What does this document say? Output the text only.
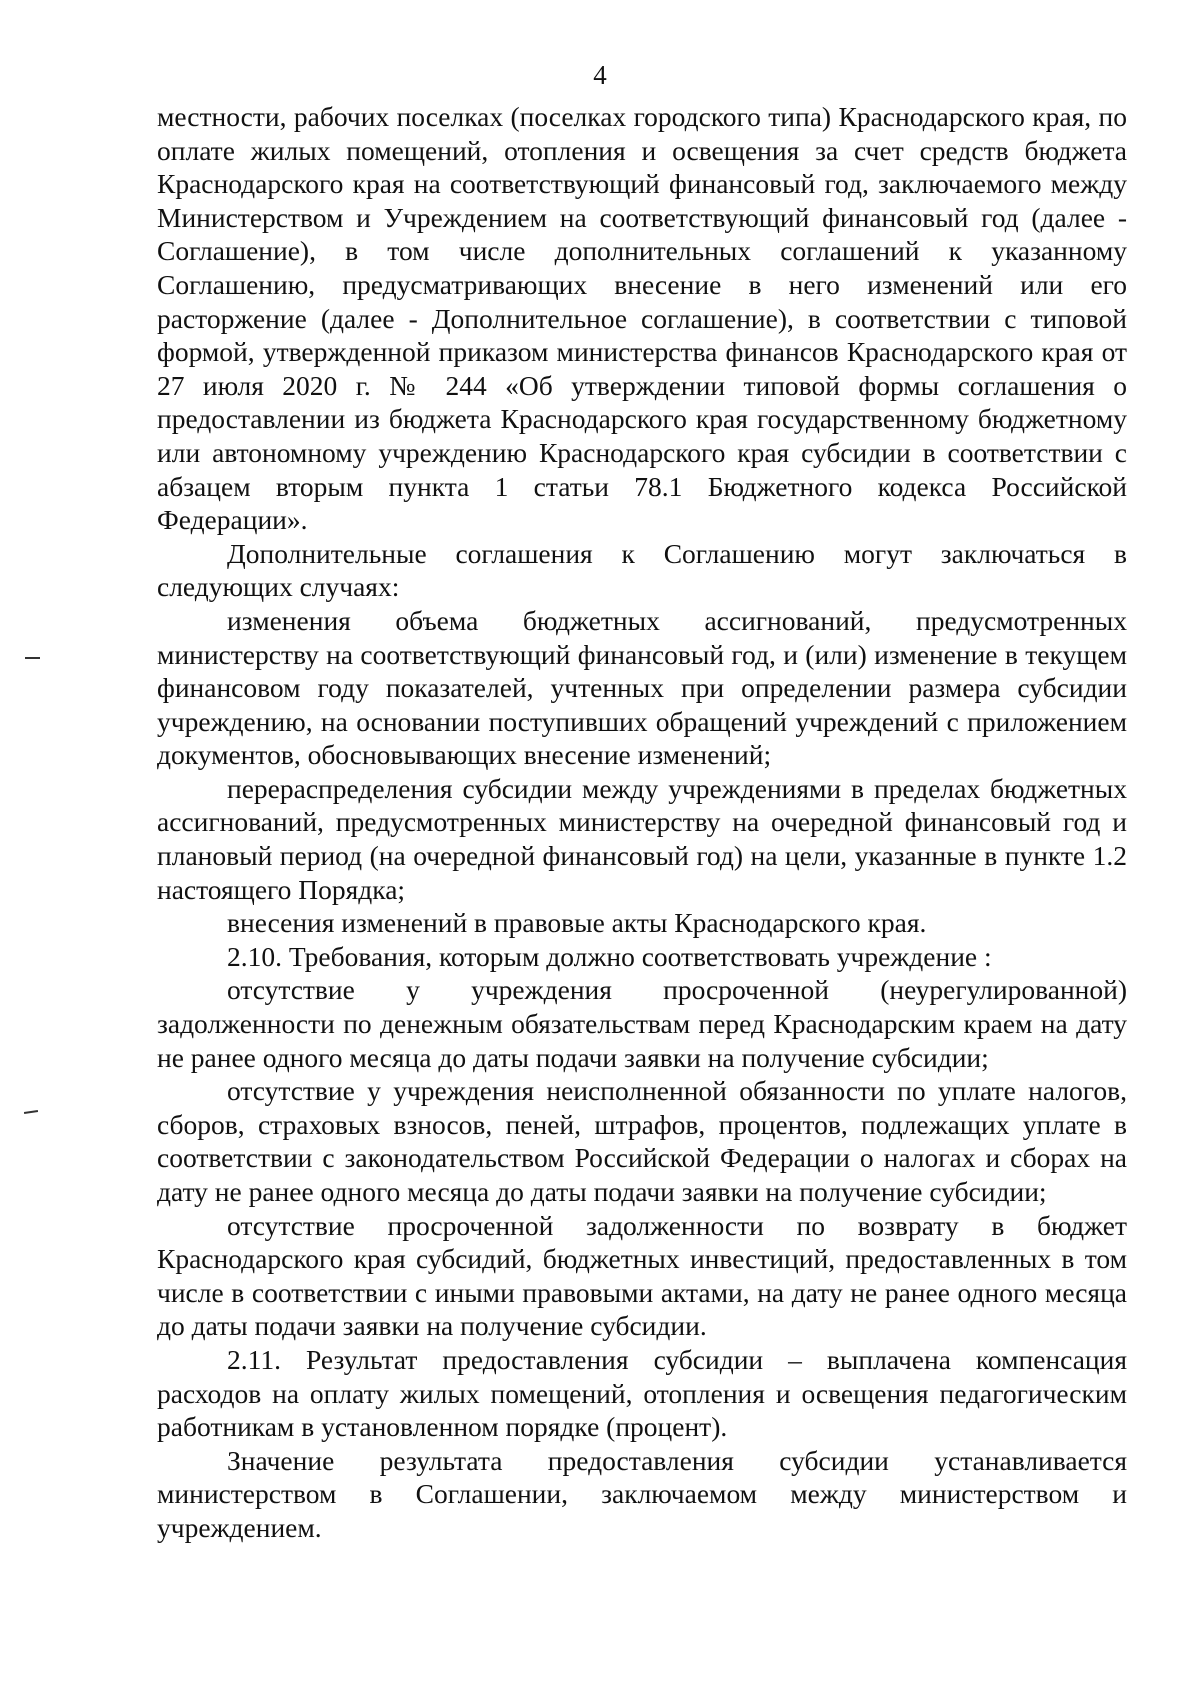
4

местности, рабочих поселках (поселках городского типа) Краснодарского края, по оплате жилых помещений, отопления и освещения за счет средств бюджета Краснодарского края на соответствующий финансовый год, заключаемого между Министерством и Учреждением на соответствующий финансовый год (далее - Соглашение), в том числе дополнительных соглашений к указанному Соглашению, предусматривающих внесение в него изменений или его расторжение (далее - Дополнительное соглашение), в соответствии с типовой формой, утвержденной приказом министерства финансов Краснодарского края от 27 июля 2020 г. № 244 «Об утверждении типовой формы соглашения о предоставлении из бюджета Краснодарского края государственному бюджетному или автономному учреждению Краснодарского края субсидии в соответствии с абзацем вторым пункта 1 статьи 78.1 Бюджетного кодекса Российской Федерации».

Дополнительные соглашения к Соглашению могут заключаться в следующих случаях:

изменения объема бюджетных ассигнований, предусмотренных министерству на соответствующий финансовый год, и (или) изменение в текущем финансовом году показателей, учтенных при определении размера субсидии учреждению, на основании поступивших обращений учреждений с приложением документов, обосновывающих внесение изменений;

перераспределения субсидии между учреждениями в пределах бюджетных ассигнований, предусмотренных министерству на очередной финансовый год и плановый период (на очередной финансовый год) на цели, указанные в пункте 1.2 настоящего Порядка;

внесения изменений в правовые акты Краснодарского края.

2.10. Требования, которым должно соответствовать учреждение :

отсутствие у учреждения просроченной (неурегулированной) задолженности по денежным обязательствам перед Краснодарским краем на дату не ранее одного месяца до даты подачи заявки на получение субсидии;

отсутствие у учреждения неисполненной обязанности по уплате налогов, сборов, страховых взносов, пеней, штрафов, процентов, подлежащих уплате в соответствии с законодательством Российской Федерации о налогах и сборах на дату не ранее одного месяца до даты подачи заявки на получение субсидии;

отсутствие просроченной задолженности по возврату в бюджет Краснодарского края субсидий, бюджетных инвестиций, предоставленных в том числе в соответствии с иными правовыми актами, на дату не ранее одного месяца до даты подачи заявки на получение субсидии.

2.11. Результат предоставления субсидии – выплачена компенсация расходов на оплату жилых помещений, отопления и освещения педагогическим работникам в установленном порядке (процент).

Значение результата предоставления субсидии устанавливается министерством в Соглашении, заключаемом между министерством и учреждением.
